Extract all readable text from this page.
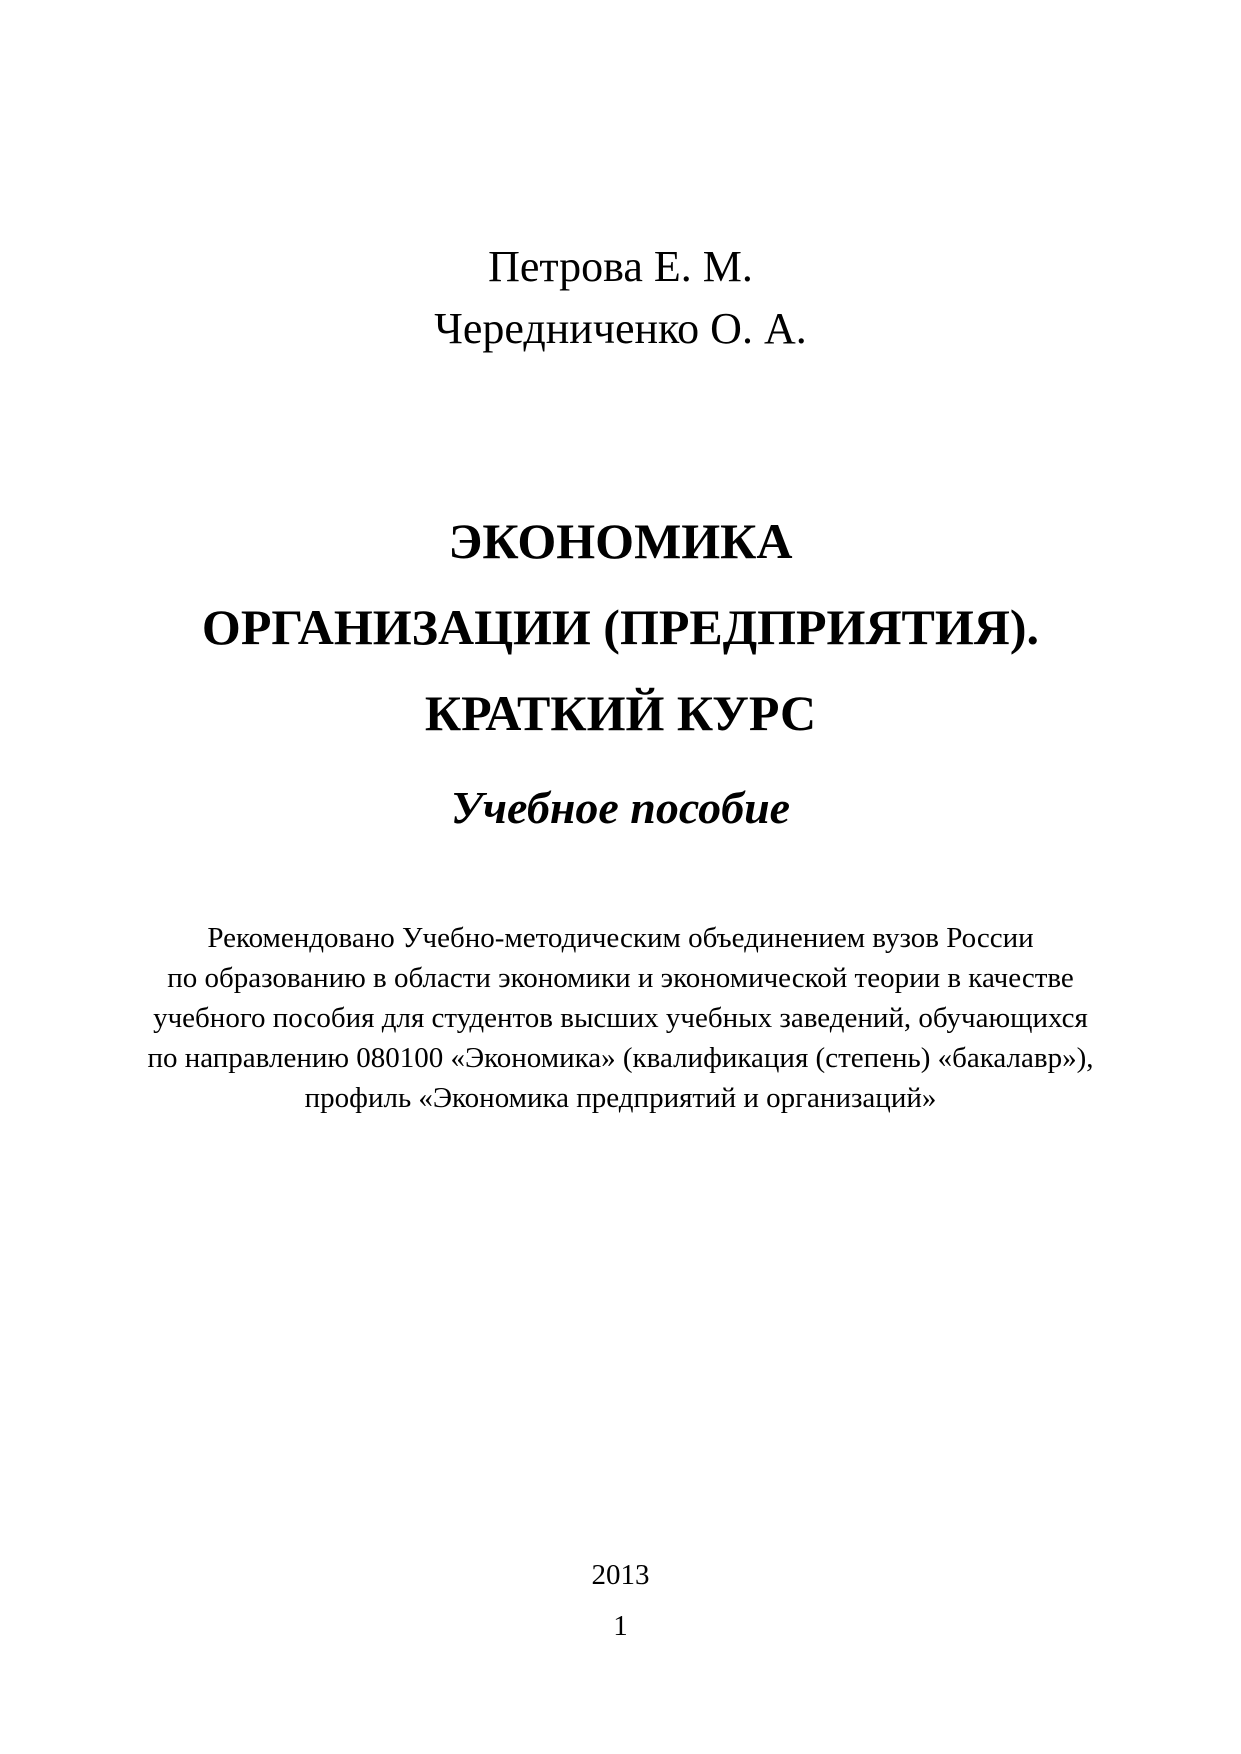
Петрова Е. М.
Чередниченко О. А.
ЭКОНОМИКА
ОРГАНИЗАЦИИ (ПРЕДПРИЯТИЯ).
КРАТКИЙ КУРС
Учебное пособие
Рекомендовано Учебно-методическим объединением вузов России
по образованию в области экономики и экономической теории в качестве
учебного пособия для студентов высших учебных заведений, обучающихся
по направлению 080100 «Экономика» (квалификация (степень) «бакалавр»),
профиль «Экономика предприятий и организаций»
2013
1
